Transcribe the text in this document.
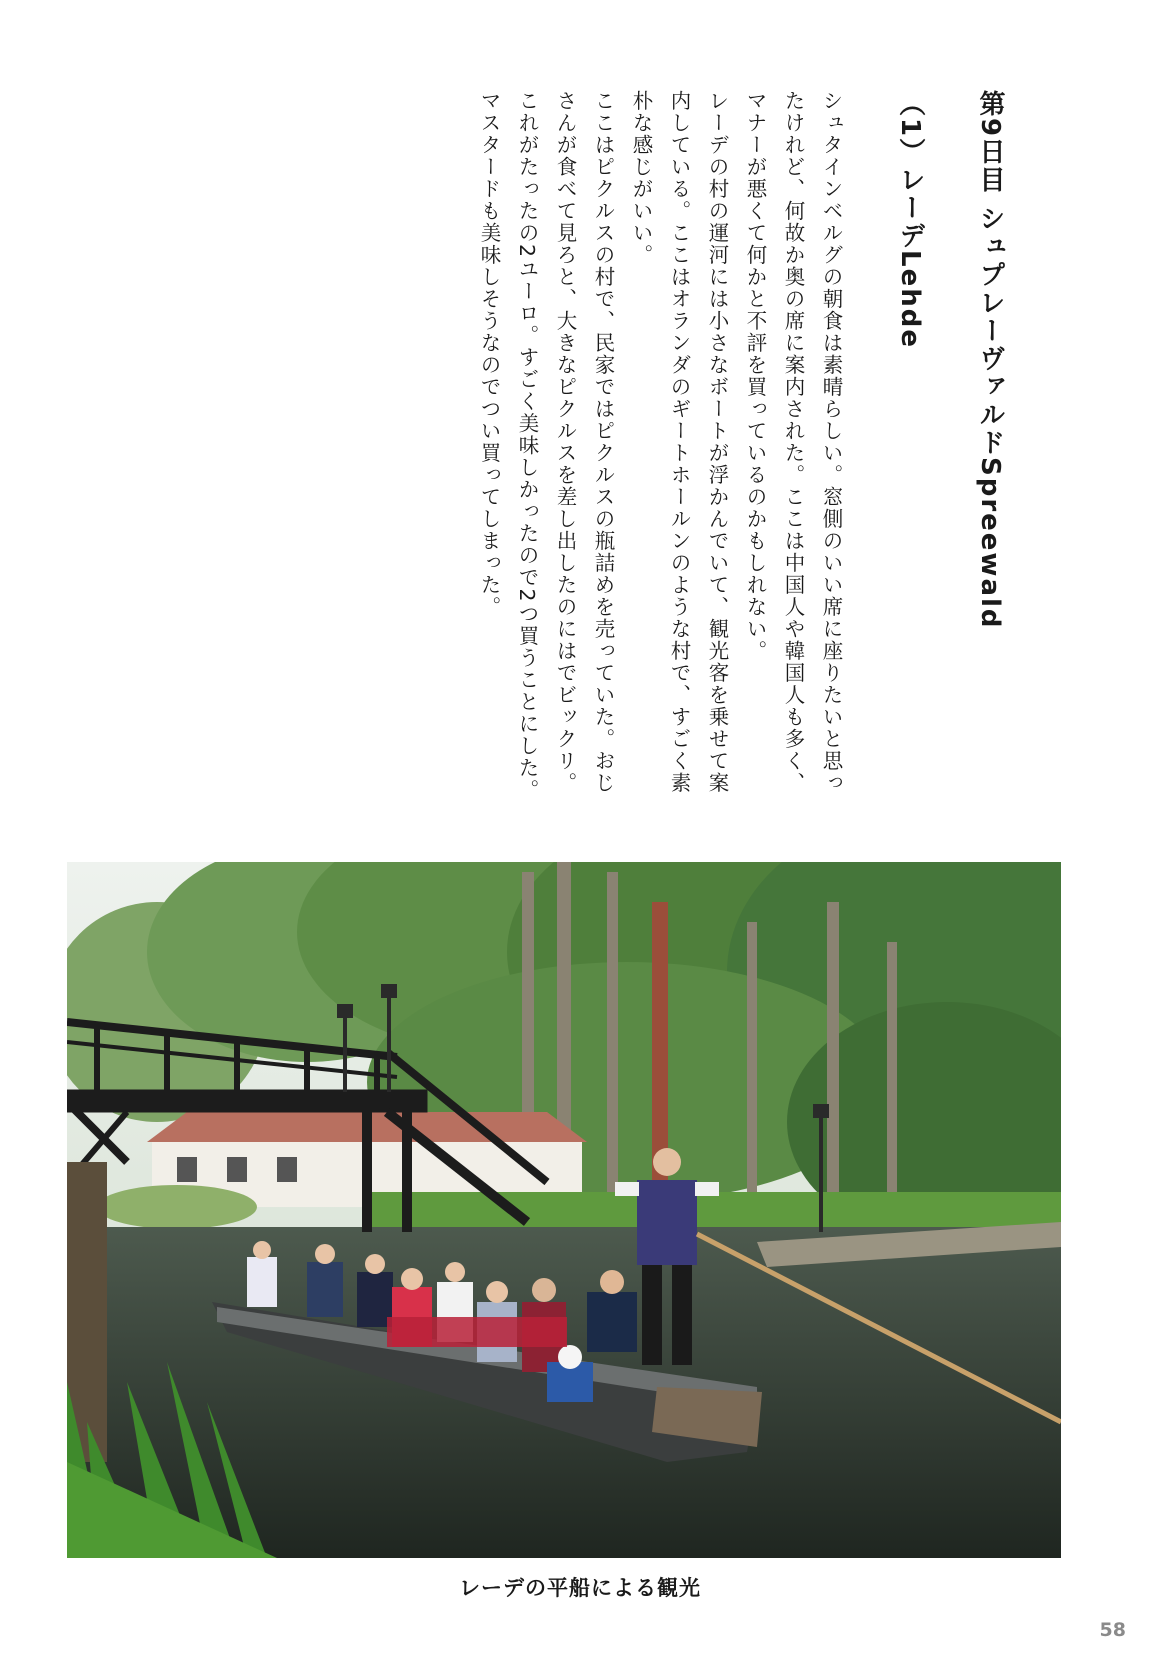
第9日目 シュプレーヴァルドSpreewald
（1）レーデLehde

シュタインベルグの朝食は素晴らしい。窓側のいい席に座りたいと思ったけれど、何故か奥の席に案内された。ここは中国人や韓国人も多く、マナーが悪くて何かと不評を買っているのかもしれない。

レーデの村の運河には小さなボートが浮かんでいて、観光客を乗せて案内している。ここはオランダのギートホールンのような村で、すごく素朴な感じがいい。

ここはピクルスの村で、民家ではピクルスの瓶詰めを売っていた。おじさんが食べて見ろと、大きなピクルスを差し出したのにはでビックリ。これがたったの2ユーロ。すごく美味しかったので2つ買うことにした。マスタードも美味しそうなのでつい買ってしまった。

レーデの平船による観光
58
